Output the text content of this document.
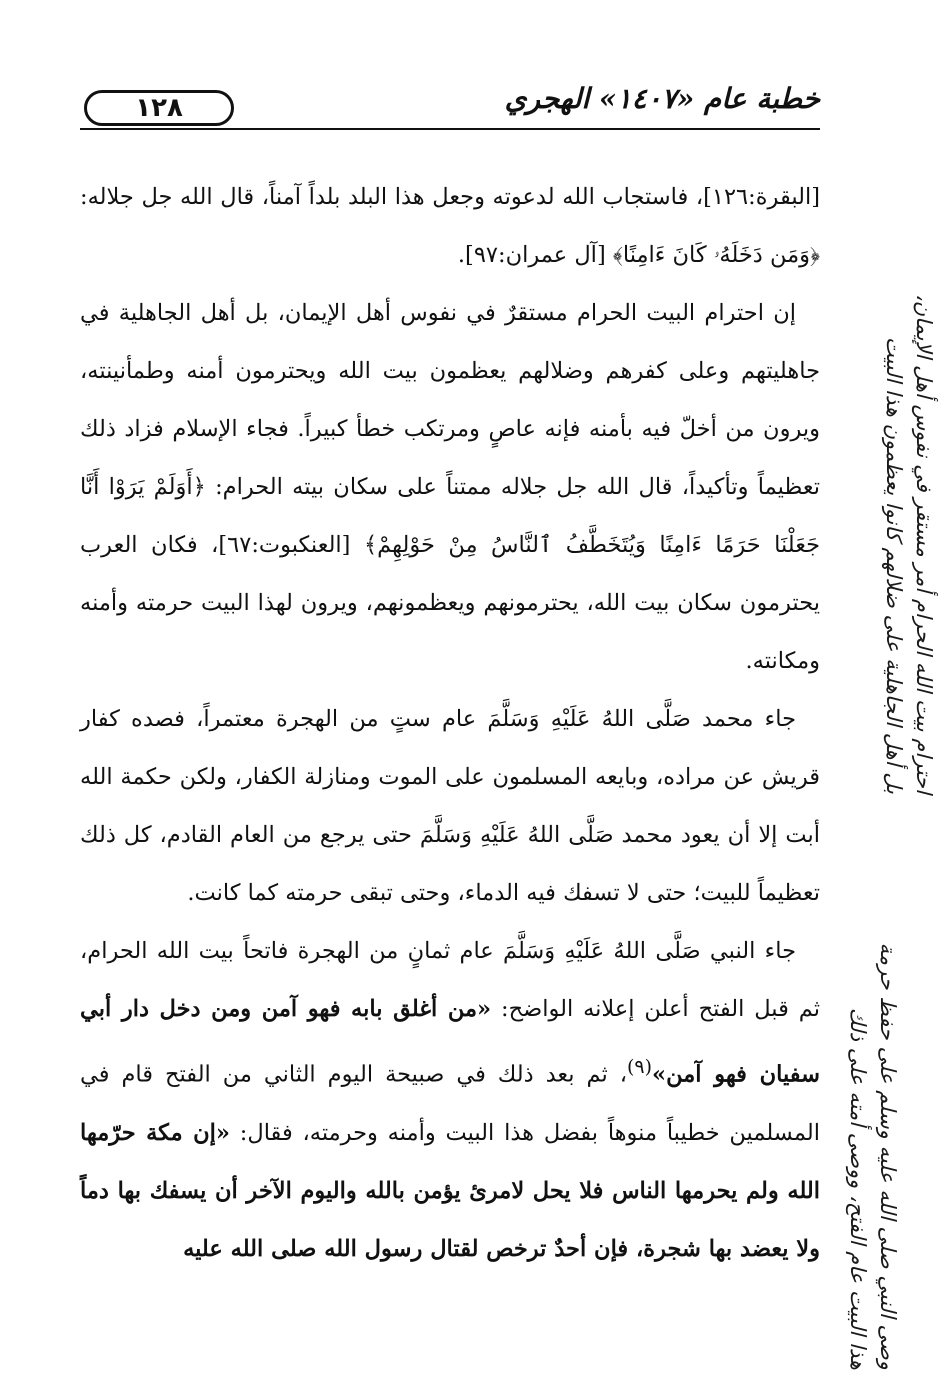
١٢٨	خطبة عام «١٤٠٧» الهجري

[البقرة:١٢٦]، فاستجاب الله لدعوته وجعل هذا البلد بلداً آمناً، قال الله جل جلاله: ﴿وَمَن دَخَلَهُۥ كَانَ ءَامِنًا﴾ [آل عمران:٩٧].

إن احترام البيت الحرام مستقرٌ في نفوس أهل الإيمان، بل أهل الجاهلية في جاهليتهم وعلى كفرهم وضلالهم يعظمون بيت الله ويحترمون أمنه وطمأنينته، ويرون من أخلّ فيه بأمنه فإنه عاصٍ ومرتكب خطأ كبيراً. فجاء الإسلام فزاد ذلك تعظيماً وتأكيداً، قال الله جل جلاله ممتناً على سكان بيته الحرام: ﴿أَوَلَمْ يَرَوْا أَنَّا جَعَلْنَا حَرَمًا ءَامِنًا وَيُتَخَطَّفُ ٱلنَّاسُ مِنْ حَوْلِهِمْ﴾ [العنكبوت:٦٧]، فكان العرب يحترمون سكان بيت الله، يحترمونهم ويعظمونهم، ويرون لهذا البيت حرمته وأمنه ومكانته.

جاء محمد صَلَّى اللهُ عَلَيْهِ وَسَلَّمَ عام ستٍ من الهجرة معتمراً، فصده كفار قريش عن مراده، وبايعه المسلمون على الموت ومنازلة الكفار، ولكن حكمة الله أبت إلا أن يعود محمد صَلَّى اللهُ عَلَيْهِ وَسَلَّمَ حتى يرجع من العام القادم، كل ذلك تعظيماً للبيت؛ حتى لا تسفك فيه الدماء، وحتى تبقى حرمته كما كانت.

جاء النبي صَلَّى اللهُ عَلَيْهِ وَسَلَّمَ عام ثمانٍ من الهجرة فاتحاً بيت الله الحرام، ثم قبل الفتح أعلن إعلانه الواضح: «من أغلق بابه فهو آمن ومن دخل دار أبي سفيان فهو آمن»$^{(٩)}$، ثم بعد ذلك في صبيحة اليوم الثاني من الفتح قام في المسلمين خطيباً منوهاً بفضل هذا البيت وأمنه وحرمته، فقال: «إن مكة حرّمها الله ولم يحرمها الناس فلا يحل لامرئ يؤمن بالله واليوم الآخر أن يسفك بها دماً ولا يعضد بها شجرة، فإن أحدٌ ترخص لقتال رسول الله صلى الله عليه

احترام بيت الله الحرام أمر مستقر في نفوس أهل الإيمان،
بل أهل الجاهلية على ضلالهم كانوا يعظمون هذا البيت
وصى النبي صلى الله عليه وسلم على حفظ حرمة
هذا البيت عام الفتح، ووصى أمته على ذلك
